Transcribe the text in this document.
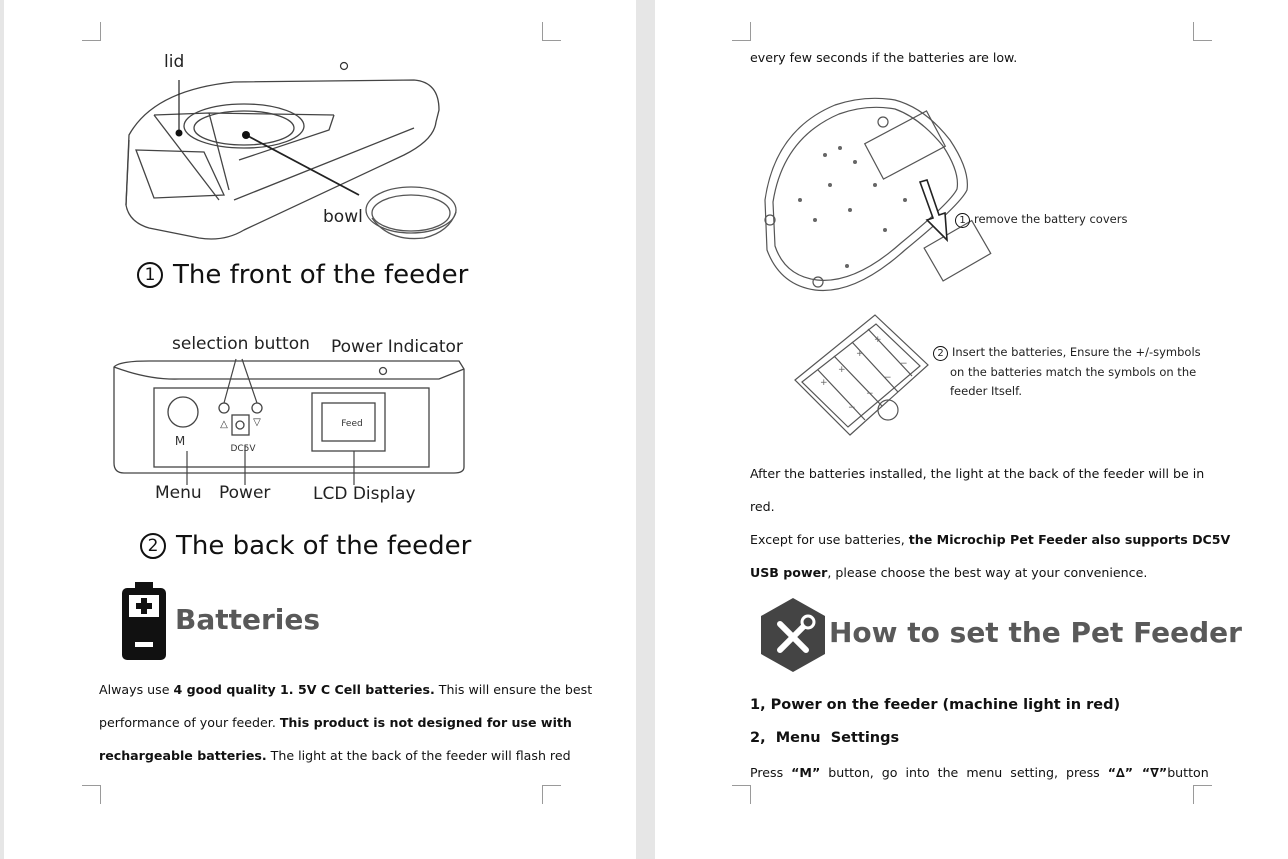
lid
bowl
1 The front of the feeder
selection button Power Indicator
M
DC5V
Feed
△	▽
Menu Power	LCD Display
2 The back of the feeder
Batteries
Always use 4 good quality 1. 5V C Cell batteries. This will ensure the best
performance of your feeder. This product is not designed for use with
rechargeable batteries. The light at the back of the feeder will flash red
every few seconds if the batteries are low.
1 remove the battery covers
+
+
+
+
−
−
−
−
2 Insert the batteries, Ensure the +/-symbols
on the batteries match the symbols on the
feeder Itself.
After the batteries installed, the light at the back of the feeder will be in
red.
Except for use batteries, the Microchip Pet Feeder also supports DC5V
USB power, please choose the best way at your convenience.
How to set the Pet Feeder
1, Power on the feeder (machine light in red)
2,  Menu  Settings
Press  “M”  button,  go  into  the  menu  setting,  press  “∆”  “∇”button
